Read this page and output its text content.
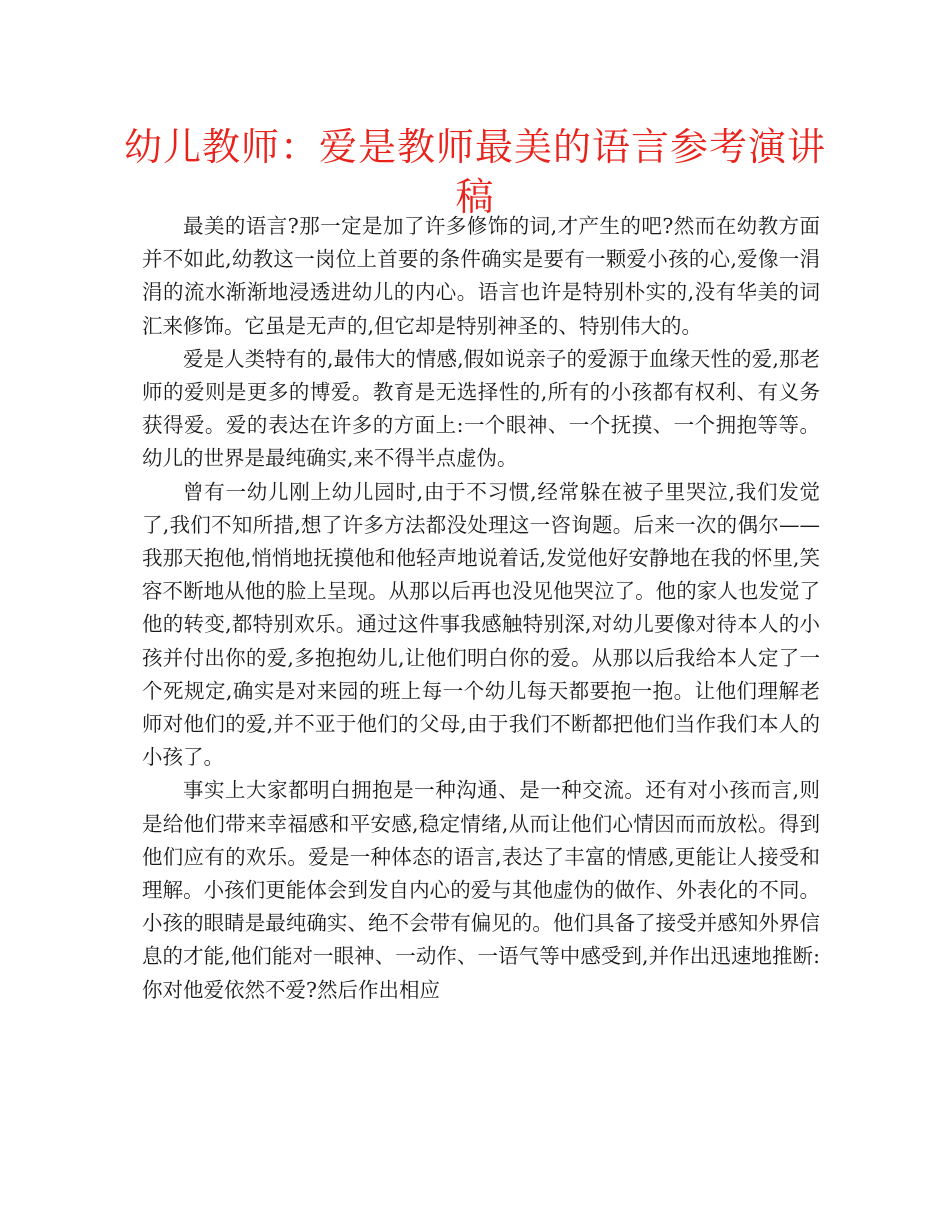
幼儿教师：爱是教师最美的语言参考演讲稿

最美的语言?那一定是加了许多修饰的词,才产生的吧?然而在幼教方面并不如此,幼教这一岗位上首要的条件确实是要有一颗爱小孩的心,爱像一涓涓的流水渐渐地浸透进幼儿的内心。语言也许是特别朴实的,没有华美的词汇来修饰。它虽是无声的,但它却是特别神圣的、特别伟大的。

爱是人类特有的,最伟大的情感,假如说亲子的爱源于血缘天性的爱,那老师的爱则是更多的博爱。教育是无选择性的,所有的小孩都有权利、有义务获得爱。爱的表达在许多的方面上:一个眼神、一个抚摸、一个拥抱等等。幼儿的世界是最纯确实,来不得半点虚伪。

曾有一幼儿刚上幼儿园时,由于不习惯,经常躲在被子里哭泣,我们发觉了,我们不知所措,想了许多方法都没处理这一咨询题。后来一次的偶尔——我那天抱他,悄悄地抚摸他和他轻声地说着话,发觉他好安静地在我的怀里,笑容不断地从他的脸上呈现。从那以后再也没见他哭泣了。他的家人也发觉了他的转变,都特别欢乐。通过这件事我感触特别深,对幼儿要像对待本人的小孩并付出你的爱,多抱抱幼儿,让他们明白你的爱。从那以后我给本人定了一个死规定,确实是对来园的班上每一个幼儿每天都要抱一抱。让他们理解老师对他们的爱,并不亚于他们的父母,由于我们不断都把他们当作我们本人的小孩了。

事实上大家都明白拥抱是一种沟通、是一种交流。还有对小孩而言,则是给他们带来幸福感和平安感,稳定情绪,从而让他们心情因而而放松。得到他们应有的欢乐。爱是一种体态的语言,表达了丰富的情感,更能让人接受和理解。小孩们更能体会到发自内心的爱与其他虚伪的做作、外表化的不同。小孩的眼睛是最纯确实、绝不会带有偏见的。他们具备了接受并感知外界信息的才能,他们能对一眼神、一动作、一语气等中感受到,并作出迅速地推断:你对他爱依然不爱?然后作出相应
